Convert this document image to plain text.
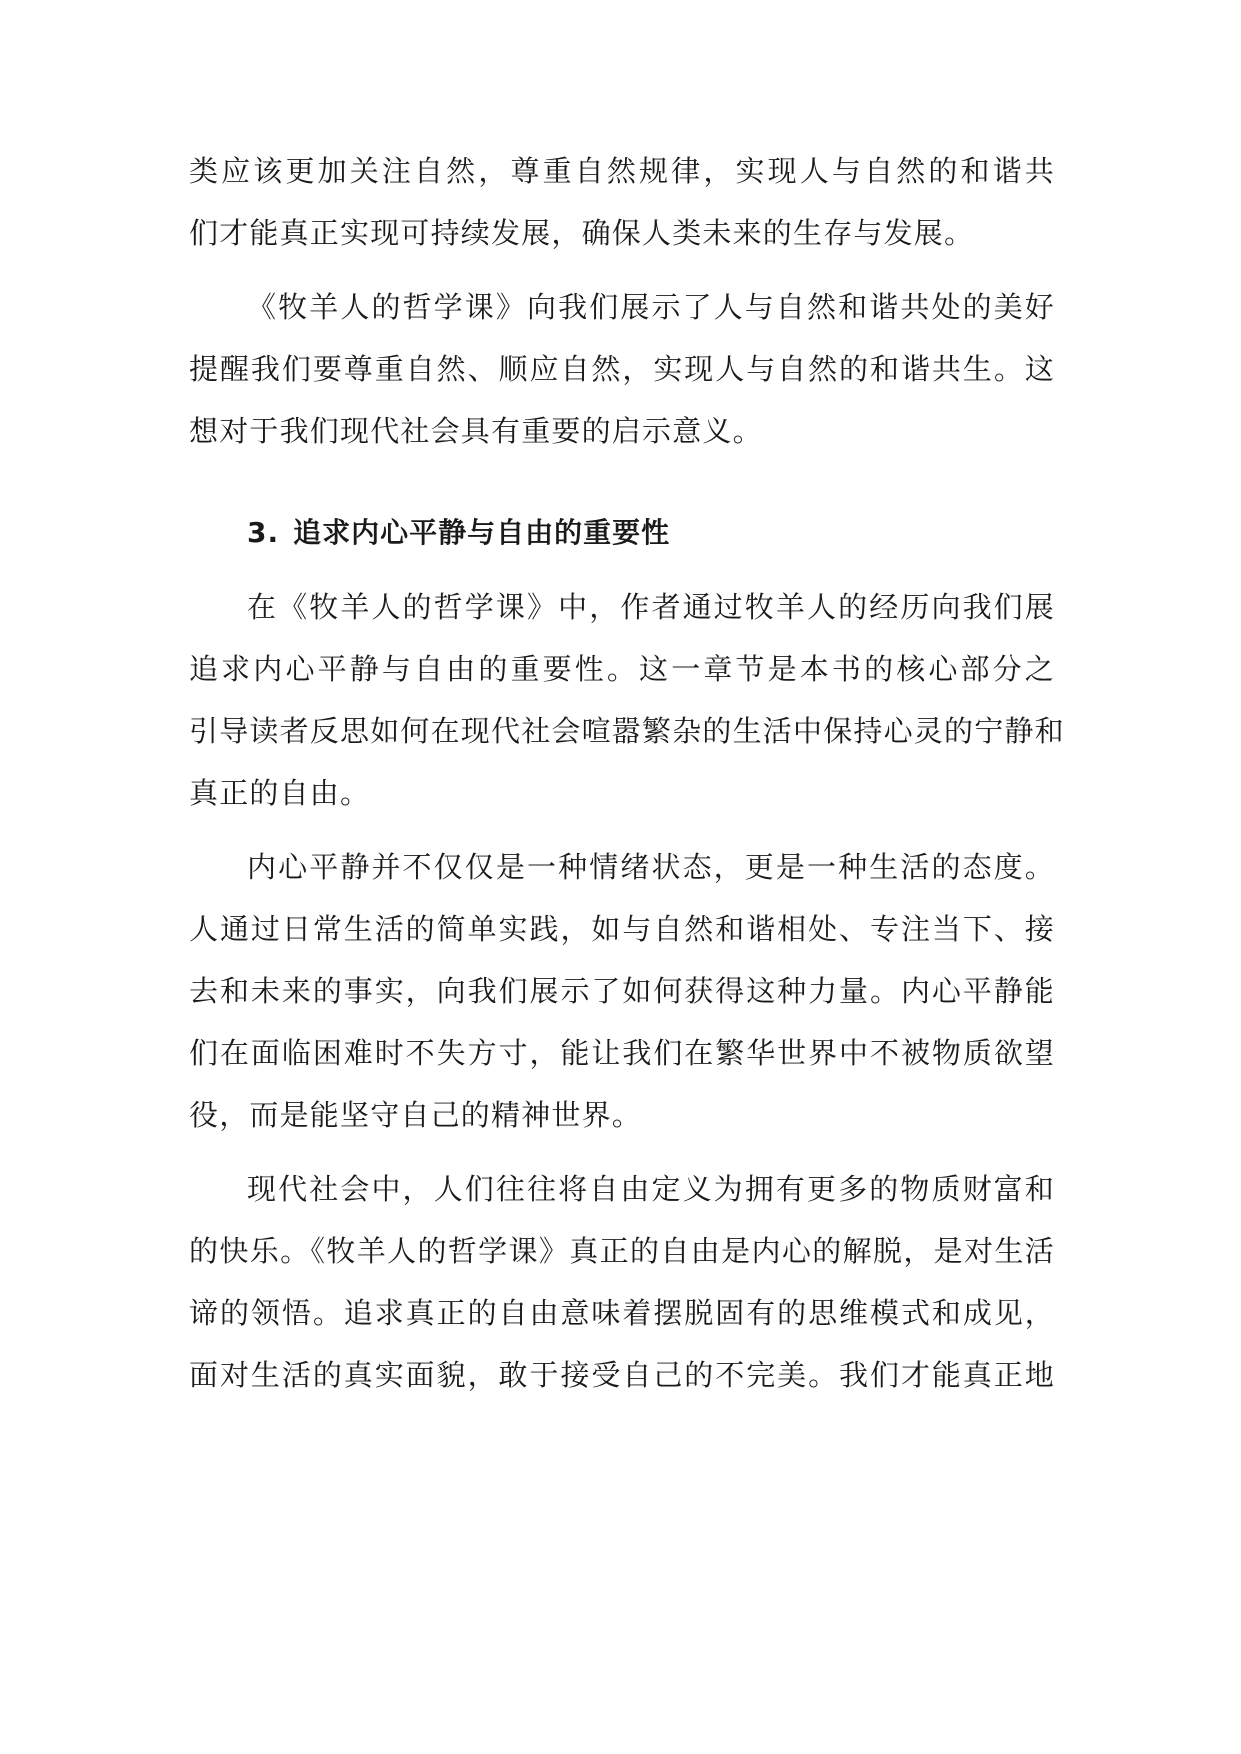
类应该更加关注自然，尊重自然规律，实现人与自然的和谐共
们才能真正实现可持续发展，确保人类未来的生存与发展。
《牧羊人的哲学课》向我们展示了人与自然和谐共处的美好
提醒我们要尊重自然、顺应自然，实现人与自然的和谐共生。这
想对于我们现代社会具有重要的启示意义。
3. 追求内心平静与自由的重要性
在《牧羊人的哲学课》中，作者通过牧羊人的经历向我们展
追求内心平静与自由的重要性。这一章节是本书的核心部分之
引导读者反思如何在现代社会喧嚣繁杂的生活中保持心灵的宁静和
真正的自由。
内心平静并不仅仅是一种情绪状态，更是一种生活的态度。
人通过日常生活的简单实践，如与自然和谐相处、专注当下、接
去和未来的事实，向我们展示了如何获得这种力量。内心平静能
们在面临困难时不失方寸，能让我们在繁华世界中不被物质欲望
役，而是能坚守自己的精神世界。
现代社会中，人们往往将自由定义为拥有更多的物质财富和
的快乐。《牧羊人的哲学课》真正的自由是内心的解脱，是对生活
谛的领悟。追求真正的自由意味着摆脱固有的思维模式和成见，
面对生活的真实面貌，敢于接受自己的不完美。我们才能真正地
